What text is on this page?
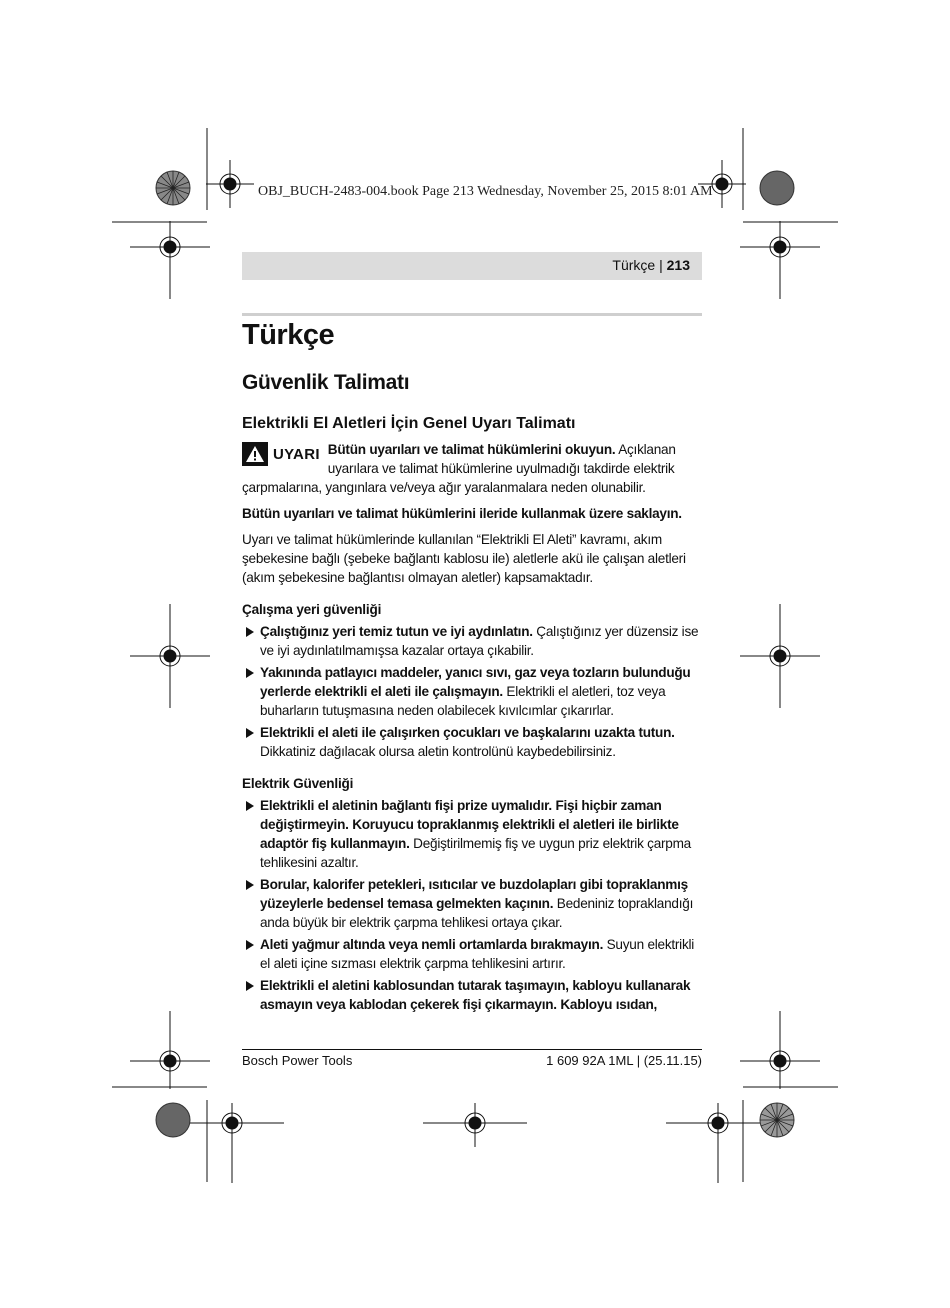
OBJ_BUCH-2483-004.book Page 213 Wednesday, November 25, 2015 8:01 AM
Türkçe | 213
Türkçe
Güvenlik Talimatı
Elektrikli El Aletleri İçin Genel Uyarı Talimatı
UYARI Bütün uyarıları ve talimat hükümlerini okuyun. Açıklanan uyarılara ve talimat hükümlerine uyulmadığı takdirde elektrik çarpmalarına, yangınlara ve/veya ağır yaralanmalara neden olunabilir.

Bütün uyarıları ve talimat hükümlerini ileride kullanmak üzere saklayın.

Uyarı ve talimat hükümlerinde kullanılan “Elektrikli El Aleti” kavramı, akım şebekesine bağlı (şebeke bağlantı kablosu ile) aletlerle akü ile çalışan aletleri (akım şebekesine bağlantısı olmayan aletler) kapsamaktadır.

Çalışma yeri güvenliği

Çalıştığınız yeri temiz tutun ve iyi aydınlatın. Çalıştığınız yer düzensiz ise ve iyi aydınlatılmamışsa kazalar ortaya çıkabilir.

Yakınında patlayıcı maddeler, yanıcı sıvı, gaz veya tozların bulunduğu yerlerde elektrikli el aleti ile çalışmayın. Elektrikli el aletleri, toz veya buharların tutuşmasına neden olabilecek kıvılcımlar çıkarırlar.

Elektrikli el aleti ile çalışırken çocukları ve başkalarını uzakta tutun. Dikkatiniz dağılacak olursa aletin kontrolünü kaybedebilirsiniz.

Elektrik Güvenliği

Elektrikli el aletinin bağlantı fişi prize uymalıdır. Fişi hiçbir zaman değiştirmeyin. Koruyucu topraklanmış elektrikli el aletleri ile birlikte adaptör fiş kullanmayın. Değiştirilmemiş fiş ve uygun priz elektrik çarpma tehlikesini azaltır.

Borular, kalorifer petekleri, ısıtıcılar ve buzdolapları gibi topraklanmış yüzeylerle bedensel temasa gelmekten kaçının. Bedeniniz topraklandığı anda büyük bir elektrik çarpma tehlikesi ortaya çıkar.

Aleti yağmur altında veya nemli ortamlarda bırakmayın. Suyun elektrikli el aleti içine sızması elektrik çarpma tehlikesini artırır.

Elektrikli el aletini kablosundan tutarak taşımayın, kabloyu kullanarak asmayın veya kablodan çekerek fişi çıkarmayın. Kabloyu ısıdan,

Bosch Power Tools	1 609 92A 1ML | (25.11.15)
